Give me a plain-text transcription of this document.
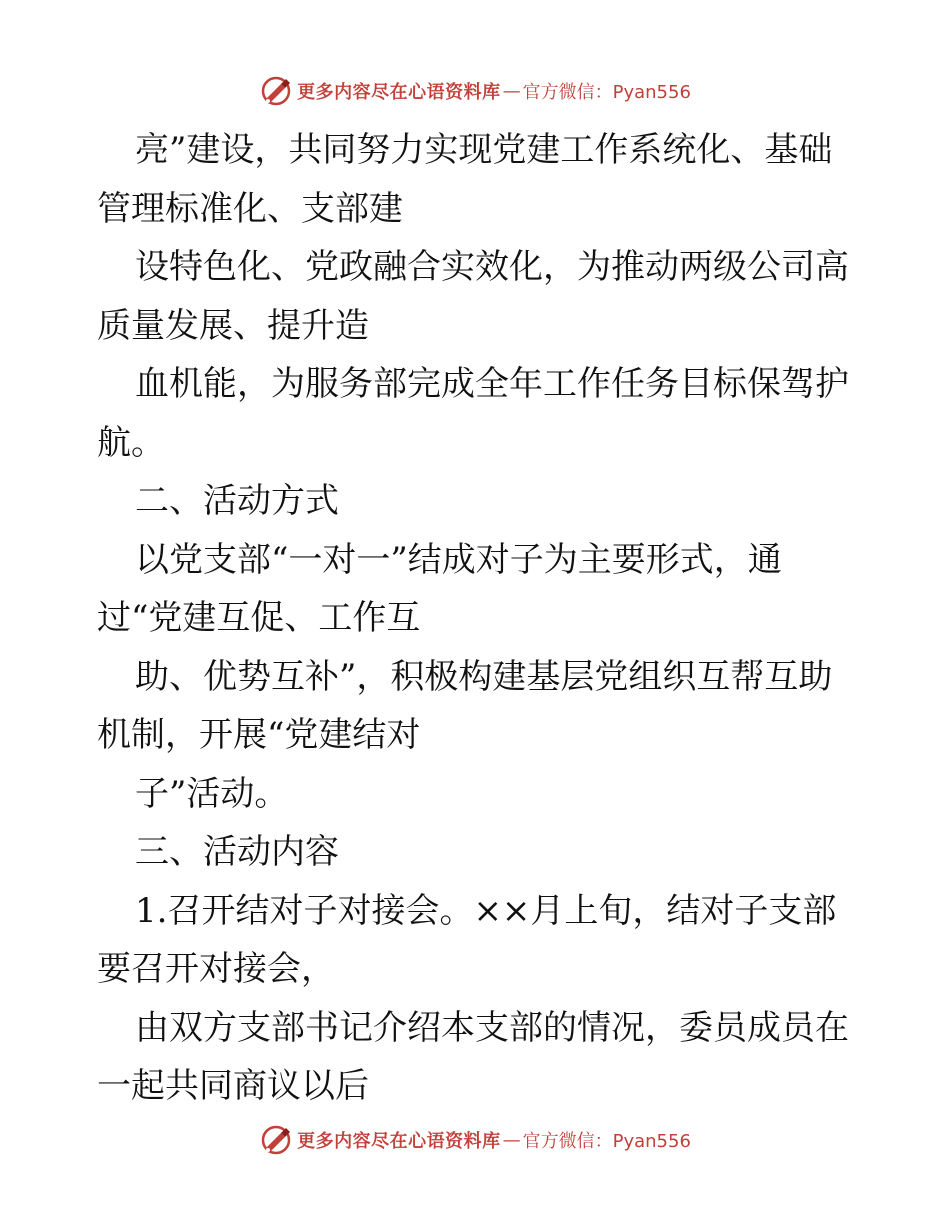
更多内容尽在心语资料库 — 官方微信：Pyan556
亮”建设，共同努力实现党建工作系统化、基础
管理标准化、支部建
设特色化、党政融合实效化，为推动两级公司高
质量发展、提升造
血机能，为服务部完成全年工作任务目标保驾护
航。
二、活动方式
以党支部“一对一”结成对子为主要形式，通
过“党建互促、工作互
助、优势互补”，积极构建基层党组织互帮互助
机制，开展“党建结对
子”活动。
三、活动内容
1.召开结对子对接会。××月上旬，结对子支部
要召开对接会，
由双方支部书记介绍本支部的情况，委员成员在
一起共同商议以后
更多内容尽在心语资料库 — 官方微信：Pyan556
